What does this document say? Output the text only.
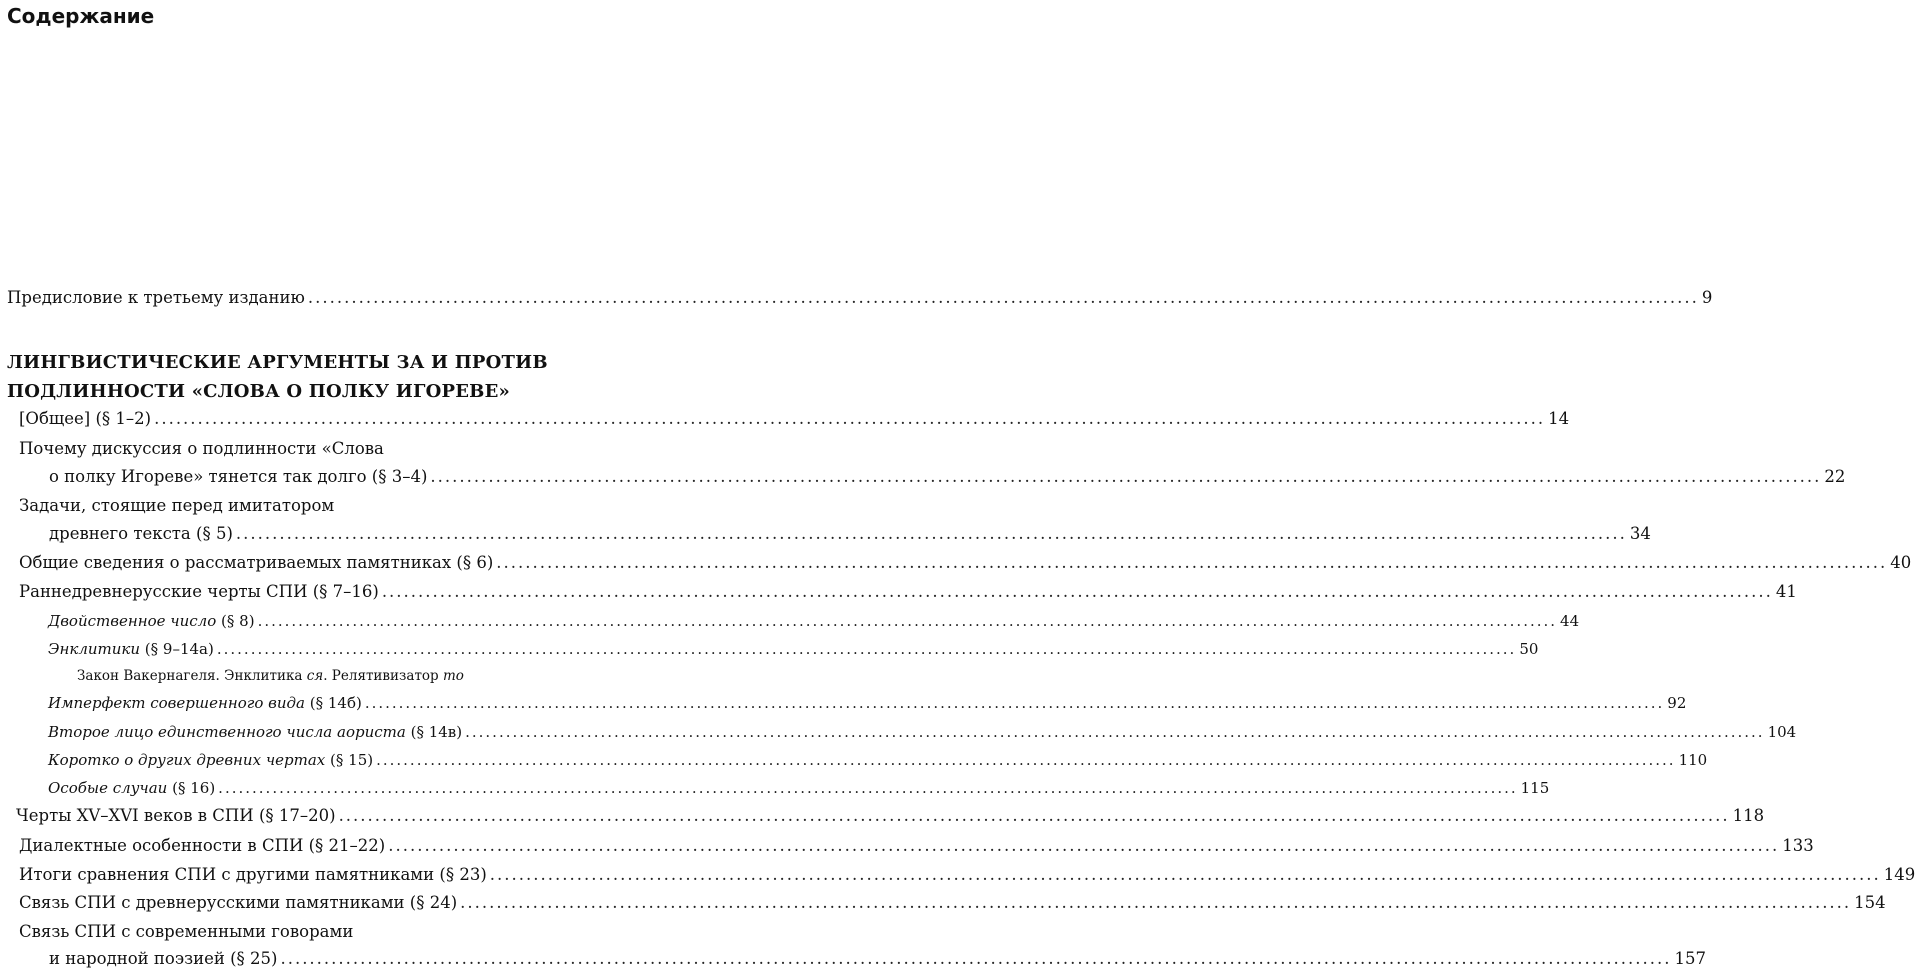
Содержание
Предисловие к третьему изданию .....	9
ЛИНГВИСТИЧЕСКИЕ АРГУМЕНТЫ ЗА И ПРОТИВ
ПОДЛИННОСТИ «СЛОВА О ПОЛКУ ИГОРЕВЕ»
[Общее] (§ 1–2) .....	14
Почему дискуссия о подлинности «Слова
о полку Игореве» тянется так долго (§ 3–4) .....	22
Задачи, стоящие перед имитатором
древнего текста (§ 5) .....	34
Общие сведения о рассматриваемых памятниках (§ 6) .....	40
Раннедревнерусские черты СПИ (§ 7–16) .....	41
Двойственное число (§ 8) .....	44
Энклитики (§ 9–14а) .....	50
Закон Вакернагеля. Энклитика ся. Релятивизатор то
Имперфект совершенного вида (§ 14б) .....	92
Второе лицо единственного числа аориста (§ 14в) .....	104
Коротко о других древних чертах (§ 15) .....	110
Особые случаи (§ 16) .....	115
Черты XV–XVI веков в СПИ (§ 17–20) .....	118
Диалектные особенности в СПИ (§ 21–22) .....	133
Итоги сравнения СПИ с другими памятниками (§ 23) .....	149
Связь СПИ с древнерусскими памятниками (§ 24) .....	154
Связь СПИ с современными говорами
и народной поэзией (§ 25) .....	157
